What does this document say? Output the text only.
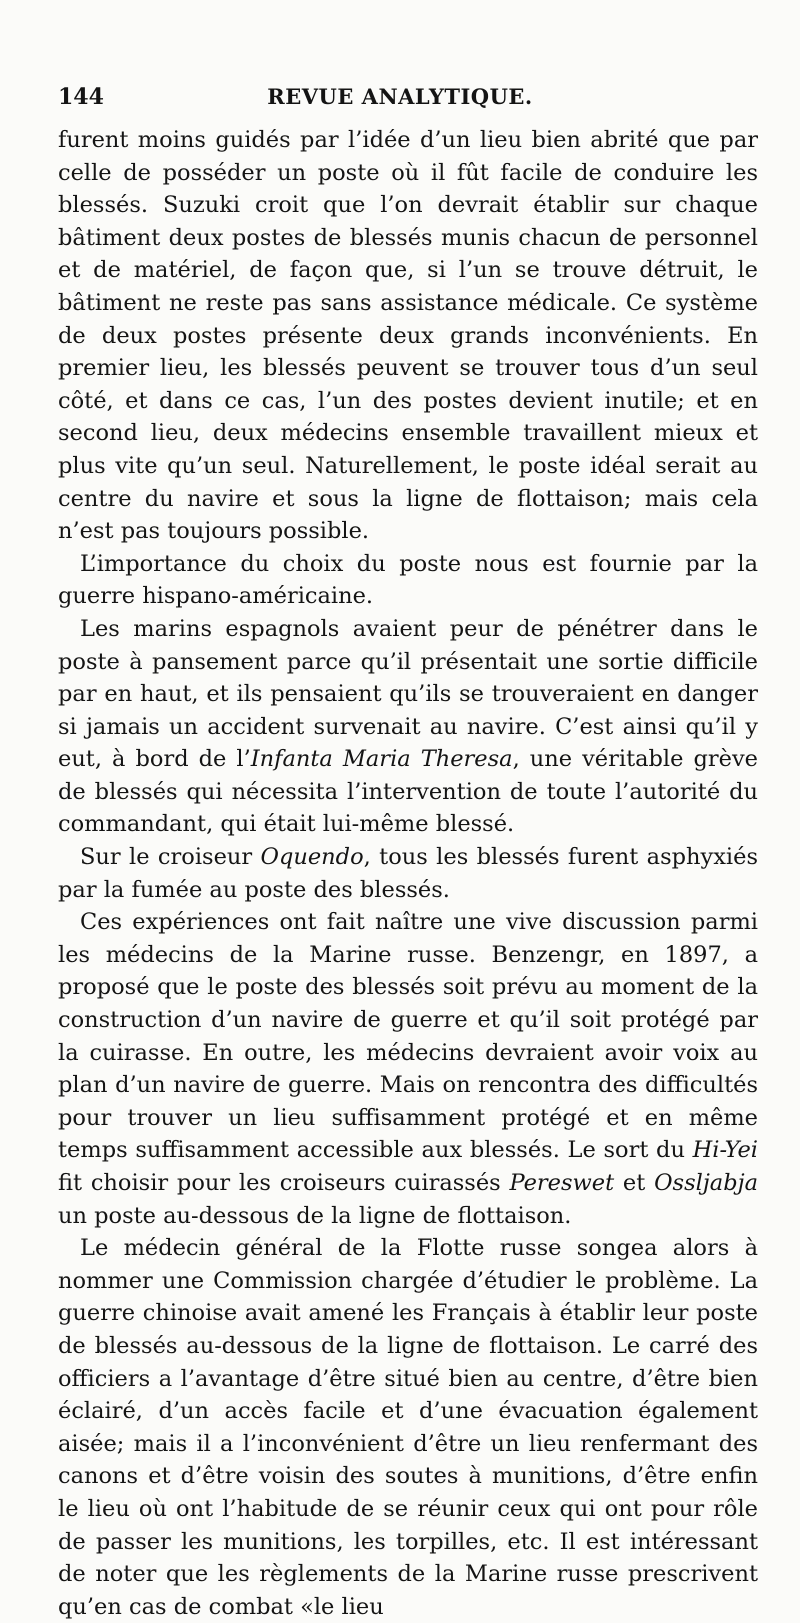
144	REVUE ANALYTIQUE.

furent moins guidés par l’idée d’un lieu bien abrité que par celle de posséder un poste où il fût facile de conduire les blessés. Suzuki croit que l’on devrait établir sur chaque bâtiment deux postes de blessés munis chacun de personnel et de matériel, de façon que, si l’un se trouve détruit, le bâtiment ne reste pas sans assistance médicale. Ce système de deux postes présente deux grands inconvénients. En premier lieu, les blessés peuvent se trouver tous d’un seul côté, et dans ce cas, l’un des postes devient inutile; et en second lieu, deux médecins ensemble travaillent mieux et plus vite qu’un seul. Naturellement, le poste idéal serait au centre du navire et sous la ligne de flottaison; mais cela n’est pas toujours possible.

L’importance du choix du poste nous est fournie par la guerre hispano-américaine.

Les marins espagnols avaient peur de pénétrer dans le poste à pansement parce qu’il présentait une sortie difficile par en haut, et ils pensaient qu’ils se trouveraient en danger si jamais un accident survenait au navire. C’est ainsi qu’il y eut, à bord de l’Infanta Maria Theresa, une véritable grève de blessés qui nécessita l’intervention de toute l’autorité du commandant, qui était lui-même blessé.

Sur le croiseur Oquendo, tous les blessés furent asphyxiés par la fumée au poste des blessés.

Ces expériences ont fait naître une vive discussion parmi les médecins de la Marine russe. Benzengr, en 1897, a proposé que le poste des blessés soit prévu au moment de la construction d’un navire de guerre et qu’il soit protégé par la cuirasse. En outre, les médecins devraient avoir voix au plan d’un navire de guerre. Mais on rencontra des difficultés pour trouver un lieu suffisamment protégé et en même temps suffisamment accessible aux blessés. Le sort du Hi-Yei fit choisir pour les croiseurs cuirassés Pereswet et Ossljabja un poste au-dessous de la ligne de flottaison.

Le médecin général de la Flotte russe songea alors à nommer une Commission chargée d’étudier le problème. La guerre chinoise avait amené les Français à établir leur poste de blessés au-dessous de la ligne de flottaison. Le carré des officiers a l’avantage d’être situé bien au centre, d’être bien éclairé, d’un accès facile et d’une évacuation également aisée; mais il a l’inconvénient d’être un lieu renfermant des canons et d’être voisin des soutes à munitions, d’être enfin le lieu où ont l’habitude de se réunir ceux qui ont pour rôle de passer les munitions, les torpilles, etc. Il est intéressant de noter que les règlements de la Marine russe prescrivent qu’en cas de combat «le lieu
